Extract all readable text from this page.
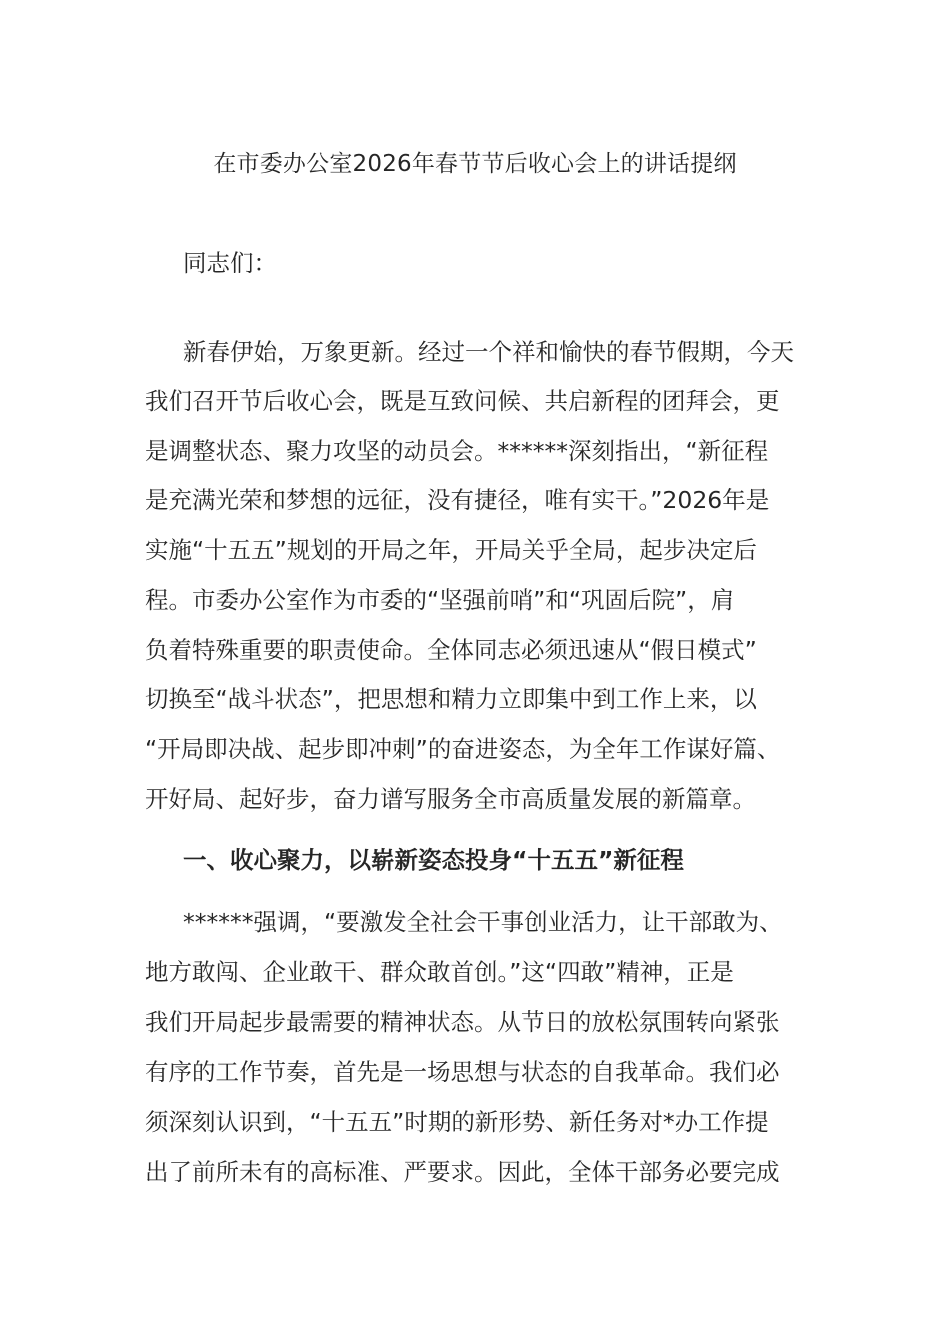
在市委办公室2026年春节节后收心会上的讲话提纲
同志们：
新春伊始，万象更新。经过一个祥和愉快的春节假期，今天
我们召开节后收心会，既是互致问候、共启新程的团拜会，更
是调整状态、聚力攻坚的动员会。******深刻指出，“新征程
是充满光荣和梦想的远征，没有捷径，唯有实干。”2026年是
实施“十五五”规划的开局之年，开局关乎全局，起步决定后
程。市委办公室作为市委的“坚强前哨”和“巩固后院”，肩
负着特殊重要的职责使命。全体同志必须迅速从“假日模式”
切换至“战斗状态”，把思想和精力立即集中到工作上来，以
“开局即决战、起步即冲刺”的奋进姿态，为全年工作谋好篇、
开好局、起好步，奋力谱写服务全市高质量发展的新篇章。
一、收心聚力，以崭新姿态投身“十五五”新征程
******强调，“要激发全社会干事创业活力，让干部敢为、
地方敢闯、企业敢干、群众敢首创。”这“四敢”精神，正是
我们开局起步最需要的精神状态。从节日的放松氛围转向紧张
有序的工作节奏，首先是一场思想与状态的自我革命。我们必
须深刻认识到，“十五五”时期的新形势、新任务对*办工作提
出了前所未有的高标准、严要求。因此，全体干部务必要完成
